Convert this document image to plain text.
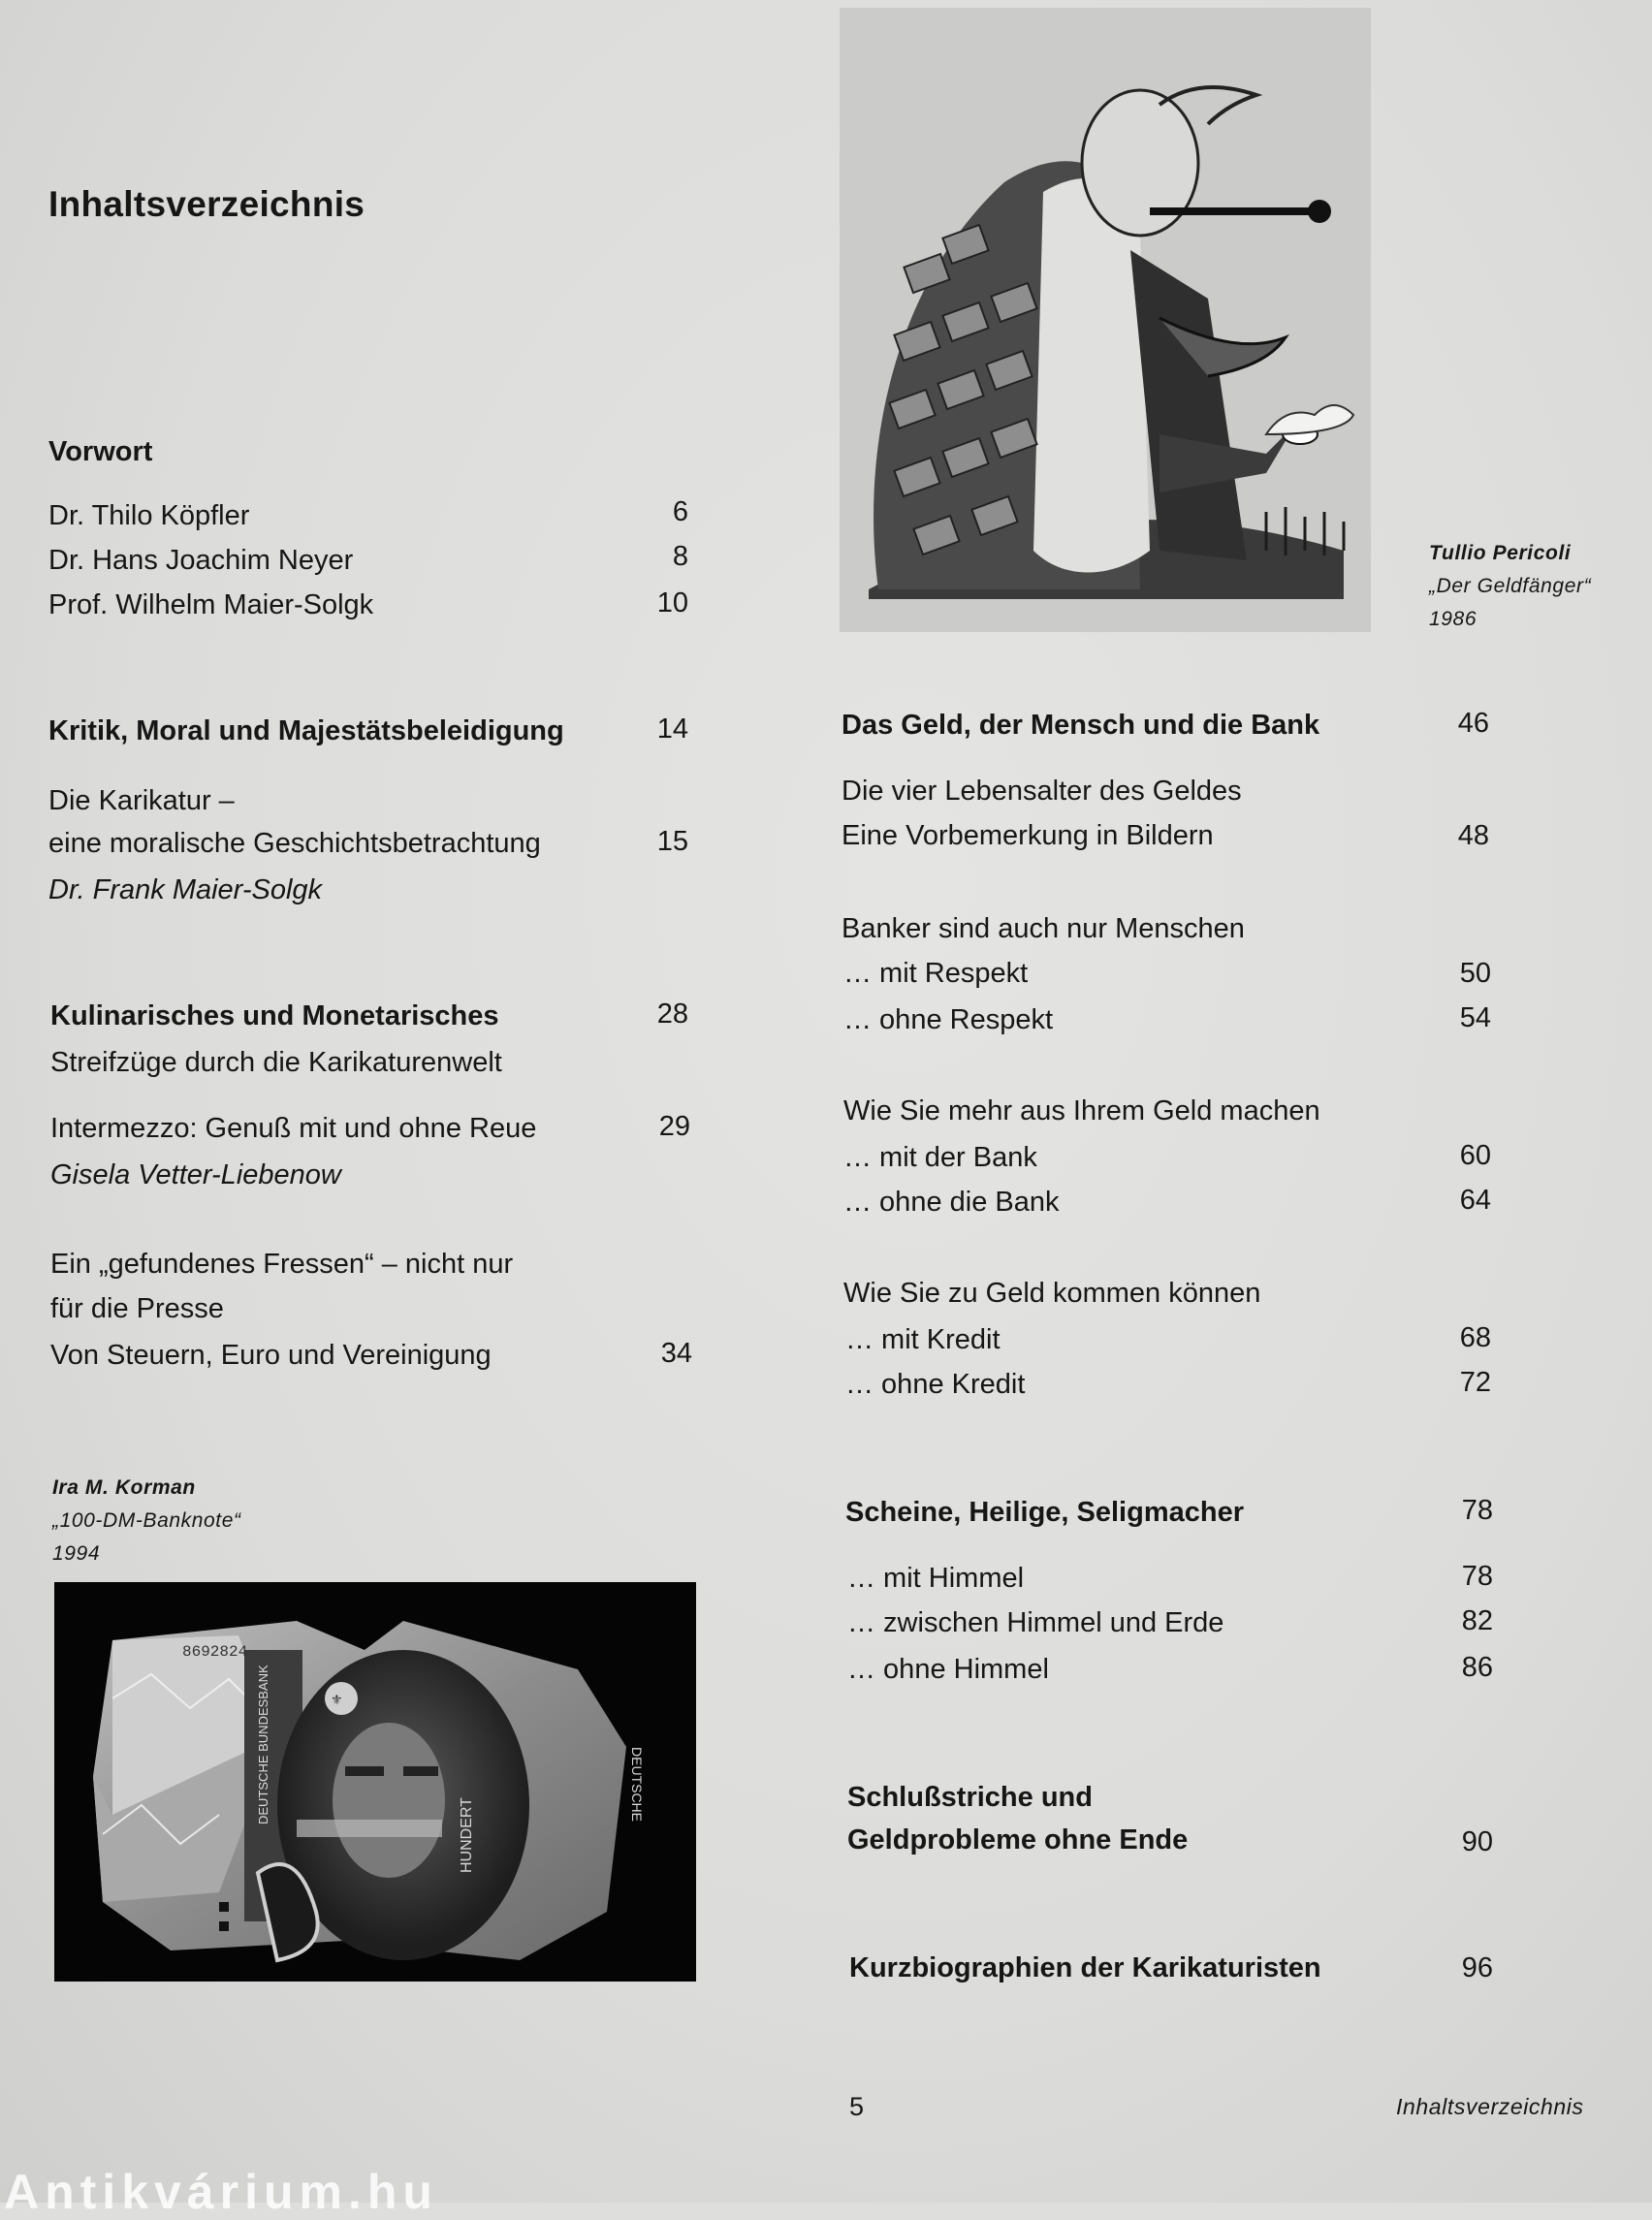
Inhaltsverzeichnis
Vorwort
Dr. Thilo Köpfler	6
Dr. Hans Joachim Neyer	8
Prof. Wilhelm Maier-Solgk	10
Kritik, Moral und Majestätsbeleidigung	14
Die Karikatur –
eine moralische Geschichtsbetrachtung	15
Dr. Frank Maier-Solgk
Kulinarisches und Monetarisches	28
Streifzüge durch die Karikaturenwelt
Intermezzo: Genuß mit und ohne Reue	29
Gisela Vetter-Liebenow
Ein „gefundenes Fressen“ – nicht nur
für die Presse
Von Steuern, Euro und Vereinigung	34
Ira M. Korman
„100-DM-Banknote“
1994
⚜
HUNDERT
DEUTSCHE
8692824
DEUTSCHE BUNDESBANK
Tullio Pericoli
„Der Geldfänger“
1986
Das Geld, der Mensch und die Bank	46
Die vier Lebensalter des Geldes
Eine Vorbemerkung in Bildern	48
Banker sind auch nur Menschen
… mit Respekt	50
… ohne Respekt	54
Wie Sie mehr aus Ihrem Geld machen
… mit der Bank	60
… ohne die Bank	64
Wie Sie zu Geld kommen können
… mit Kredit	68
… ohne Kredit	72
Scheine, Heilige, Seligmacher	78
… mit Himmel	78
… zwischen Himmel und Erde	82
… ohne Himmel	86
Schlußstriche und
Geldprobleme ohne Ende	90
Kurzbiographien der Karikaturisten	96
5	Inhaltsverzeichnis
Antikvárium.hu
